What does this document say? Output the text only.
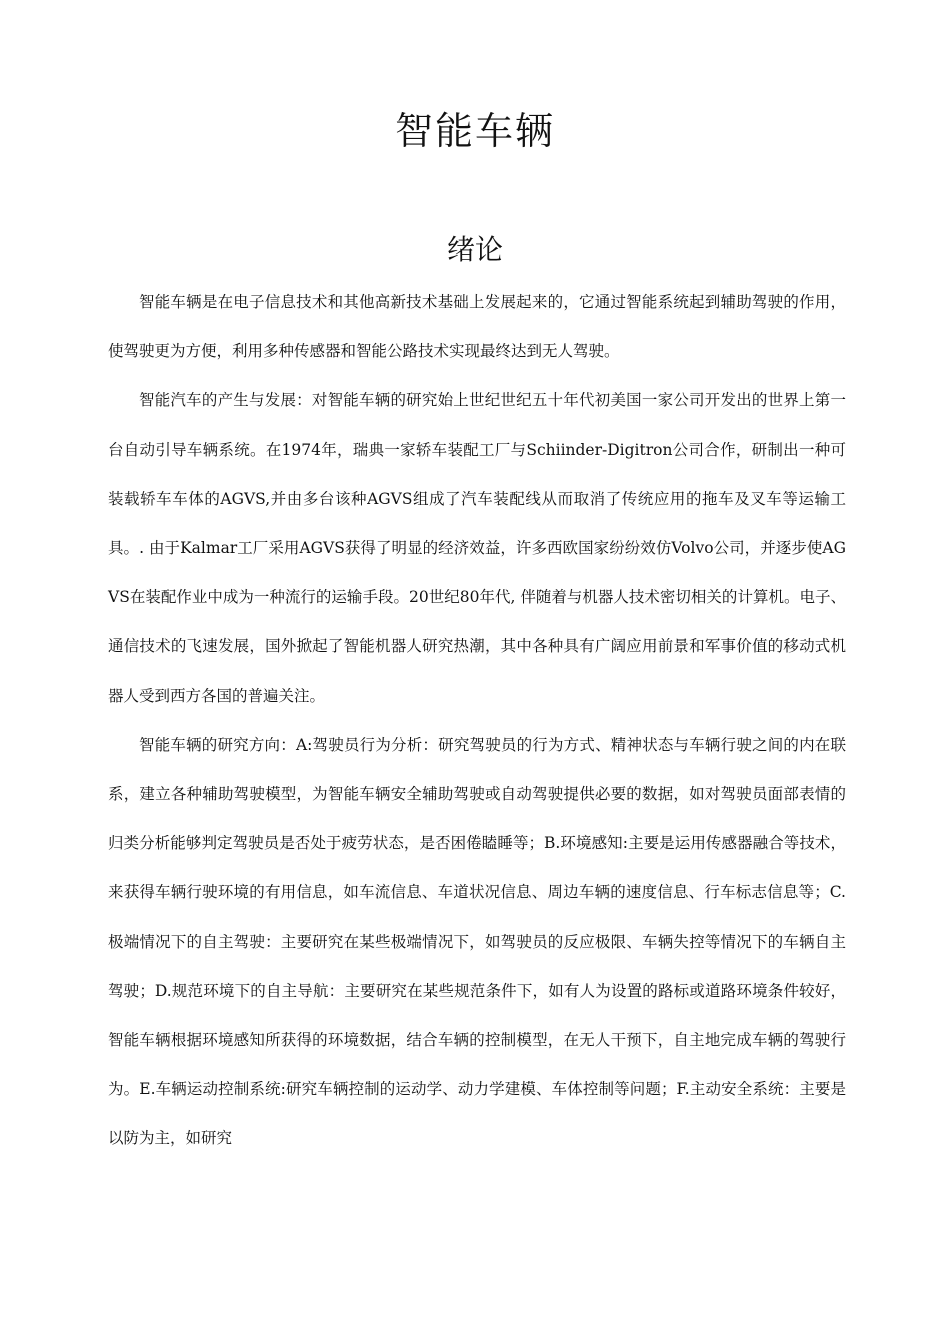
智能车辆
绪论

智能车辆是在电子信息技术和其他高新技术基础上发展起来的，它通过智能系统起到辅助驾驶的作用，使驾驶更为方便，利用多种传感器和智能公路技术实现最终达到无人驾驶。

智能汽车的产生与发展：对智能车辆的研究始上世纪世纪五十年代初美国一家公司开发出的世界上第一台自动引导车辆系统。在1974年，瑞典一家轿车装配工厂与Schiinder-Digitron公司合作，研制出一种可装载轿车车体的AGVS,并由多台该种AGVS组成了汽车装配线从而取消了传统应用的拖车及叉车等运输工具。. 由于Kalmar工厂采用AGVS获得了明显的经济效益，许多西欧国家纷纷效仿Volvo公司，并逐步使AGVS在装配作业中成为一种流行的运输手段。20世纪80年代, 伴随着与机器人技术密切相关的计算机。电子、通信技术的飞速发展，国外掀起了智能机器人研究热潮，其中各种具有广阔应用前景和军事价值的移动式机器人受到西方各国的普遍关注。

智能车辆的研究方向：A:驾驶员行为分析：研究驾驶员的行为方式、精神状态与车辆行驶之间的内在联系，建立各种辅助驾驶模型，为智能车辆安全辅助驾驶或自动驾驶提供必要的数据，如对驾驶员面部表情的归类分析能够判定驾驶员是否处于疲劳状态，是否困倦瞌睡等；B.环境感知:主要是运用传感器融合等技术，来获得车辆行驶环境的有用信息，如车流信息、车道状况信息、周边车辆的速度信息、行车标志信息等；C.极端情况下的自主驾驶：主要研究在某些极端情况下，如驾驶员的反应极限、车辆失控等情况下的车辆自主驾驶；D.规范环境下的自主导航：主要研究在某些规范条件下，如有人为设置的路标或道路环境条件较好，智能车辆根据环境感知所获得的环境数据，结合车辆的控制模型，在无人干预下，自主地完成车辆的驾驶行为。E.车辆运动控制系统:研究车辆控制的运动学、动力学建模、车体控制等问题；F.主动安全系统：主要是以防为主，如研究
